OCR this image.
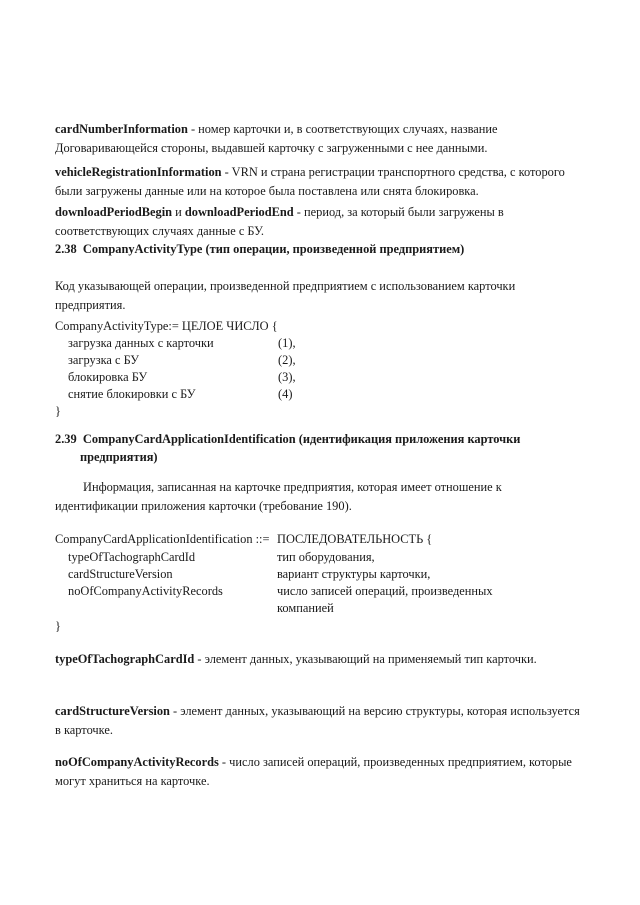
cardNumberInformation - номер карточки и, в соответствующих случаях, название Договаривающейся стороны, выдавшей карточку с загруженными с нее данными.
vehicleRegistrationInformation - VRN и страна регистрации транспортного средства, с которого были загружены данные или на которое была поставлена или снята блокировка.
downloadPeriodBegin и downloadPeriodEnd - период, за который были загружены в соответствующих случаях данные с БУ.
2.38 CompanyActivityType (тип операции, произведенной предприятием)
Код указывающей операции, произведенной предприятием с использованием карточки предприятия.
CompanyActivityType:= ЦЕЛОЕ ЧИСЛО {
загрузка данных с карточки	(1),
загрузка с БУ	(2),
блокировка БУ	(3),
снятие блокировки с БУ	(4)
}
2.39 CompanyCardApplicationIdentification (идентификация приложения карточки
предприятия)
Информация, записанная на карточке предприятия, которая имеет отношение к идентификации приложения карточки (требование 190).
CompanyCardApplicationIdentification ::= ПОСЛЕДОВАТЕЛЬНОСТЬ {
typeOfTachographCardId	тип оборудования,
cardStructureVersion	вариант структуры карточки,
noOfCompanyActivityRecords	число записей операций, произведенных
компанией
}
typeOfTachographCardId - элемент данных, указывающий на применяемый тип карточки.
cardStructureVersion - элемент данных, указывающий на версию структуры, которая используется в карточке.
noOfCompanyActivityRecords - число записей операций, произведенных предприятием, которые могут храниться на карточке.
